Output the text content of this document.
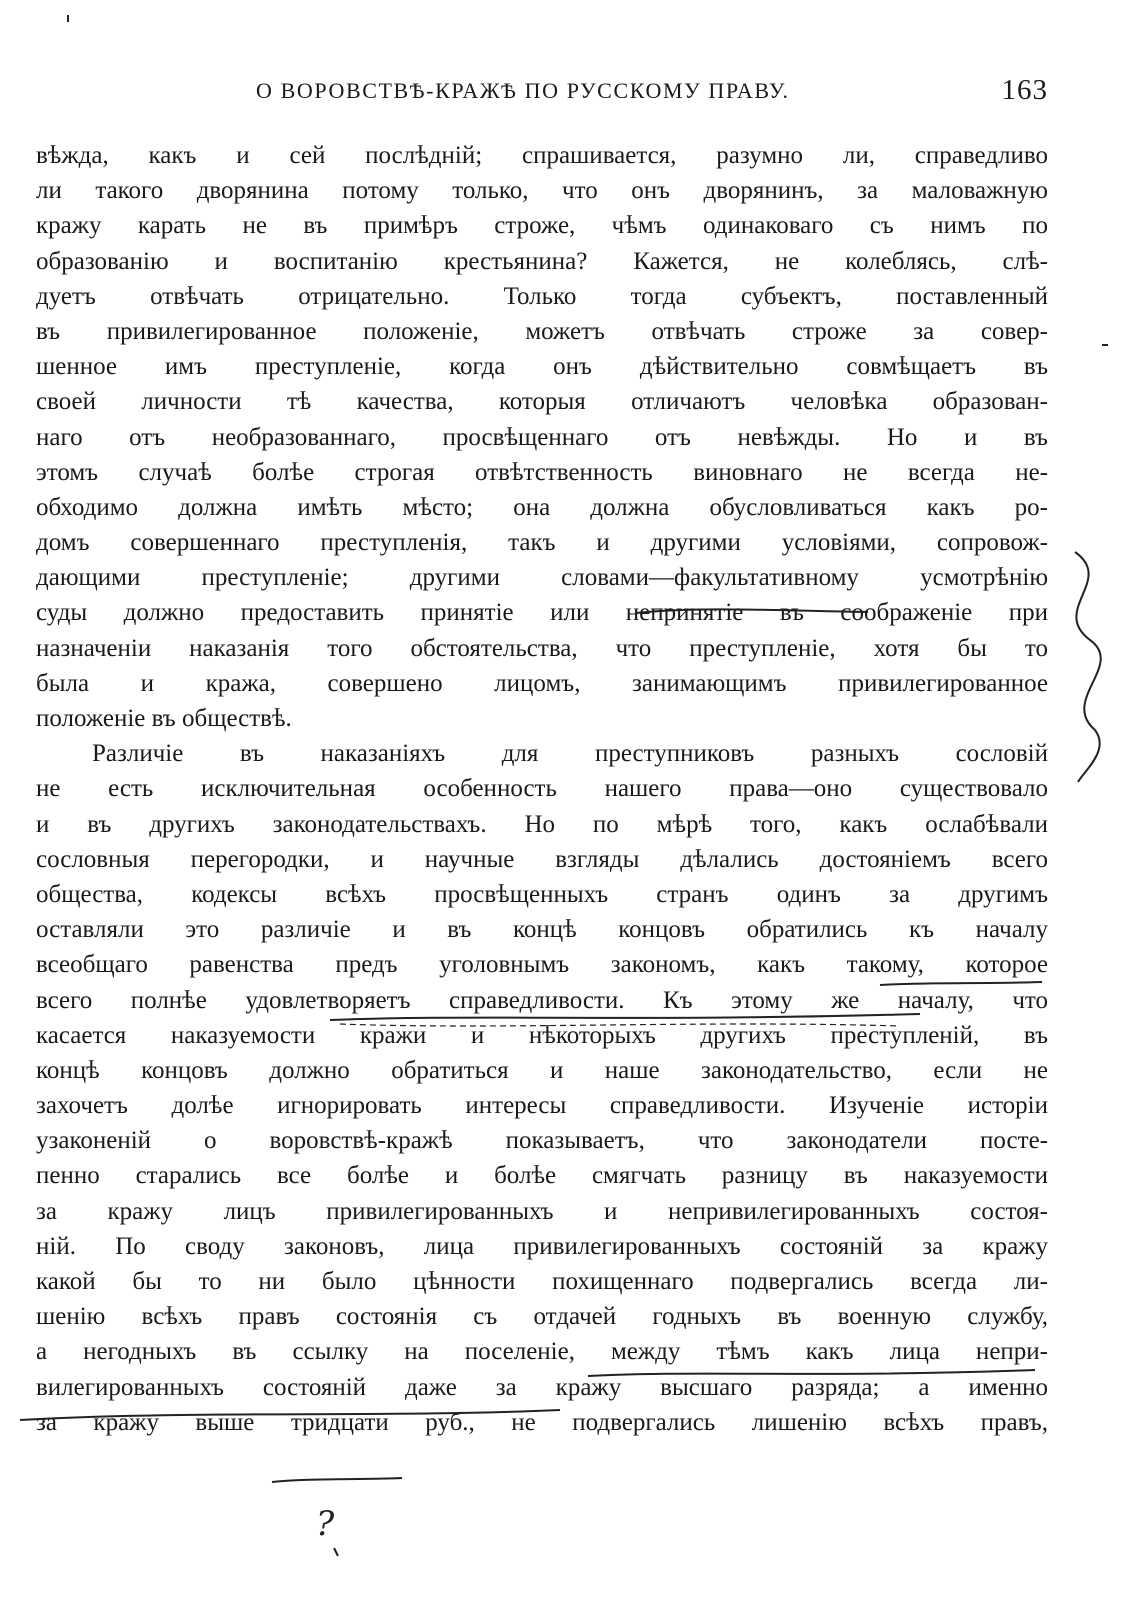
О ВОРОВСТВѢ-КРАЖѢ ПО РУССКОМУ ПРАВУ.	163
вѣжда, какъ и сей послѣдній; спрашивается, разумно ли, справедливо
ли такого дворянина потому только, что онъ дворянинъ, за маловажную
кражу карать не въ примѣръ строже, чѣмъ одинаковаго съ нимъ по
образованію и воспитанію крестьянина? Кажется, не колеблясь, слѣ-
дуетъ отвѣчать отрицательно. Только тогда субъектъ, поставленный
въ привилегированное положеніе, можетъ отвѣчать строже за совер-
шенное имъ преступленіе, когда онъ дѣйствительно совмѣщаетъ въ
своей личности тѣ качества, которыя отличаютъ человѣка образован-
наго отъ необразованнаго, просвѣщеннаго отъ невѣжды. Но и въ
этомъ случаѣ болѣе строгая отвѣтственность виновнаго не всегда не-
обходимо должна имѣть мѣсто; она должна обусловливаться какъ ро-
домъ совершеннаго преступленія, такъ и другими условіями, сопровож-
дающими преступленіе; другими словами—факультативному усмотрѣнію
суды должно предоставить принятіе или непринятіе въ соображеніе при
назначеніи наказанія того обстоятельства, что преступленіе, хотя бы то
была и кража, совершено лицомъ, занимающимъ привилегированное
положеніе въ обществѣ.
Различіе въ наказаніяхъ для преступниковъ разныхъ сословій
не есть исключительная особенность нашего права—оно существовало
и въ другихъ законодательствахъ. Но по мѣрѣ того, какъ ослабѣвали
сословныя перегородки, и научные взгляды дѣлались достояніемъ всего
общества, кодексы всѣхъ просвѣщенныхъ странъ одинъ за другимъ
оставляли это различіе и въ концѣ концовъ обратились къ началу
всеобщаго равенства предъ уголовнымъ закономъ, какъ такому, которое
всего полнѣе удовлетворяетъ справедливости. Къ этому же началу, что
касается наказуемости кражи и нѣкоторыхъ другихъ преступленій, въ
концѣ концовъ должно обратиться и наше законодательство, если не
захочетъ долѣе игнорировать интересы справедливости. Изученіе исторіи
узаконеній о воровствѣ-кражѣ показываетъ, что законодатели посте-
пенно старались все болѣе и болѣе смягчать разницу въ наказуемости
за кражу лицъ привилегированныхъ и непривилегированныхъ состоя-
ній. По своду законовъ, лица привилегированныхъ состояній за кражу
какой бы то ни было цѣнности похищеннаго подвергались всегда ли-
шенію всѣхъ правъ состоянія съ отдачей годныхъ въ военную службу,
а негодныхъ въ ссылку на поселеніе, между тѣмъ какъ лица непри-
вилегированныхъ состояній даже за кражу высшаго разряда; а именно
за кражу выше тридцати руб., не подвергались лишенію всѣхъ правъ,
?
